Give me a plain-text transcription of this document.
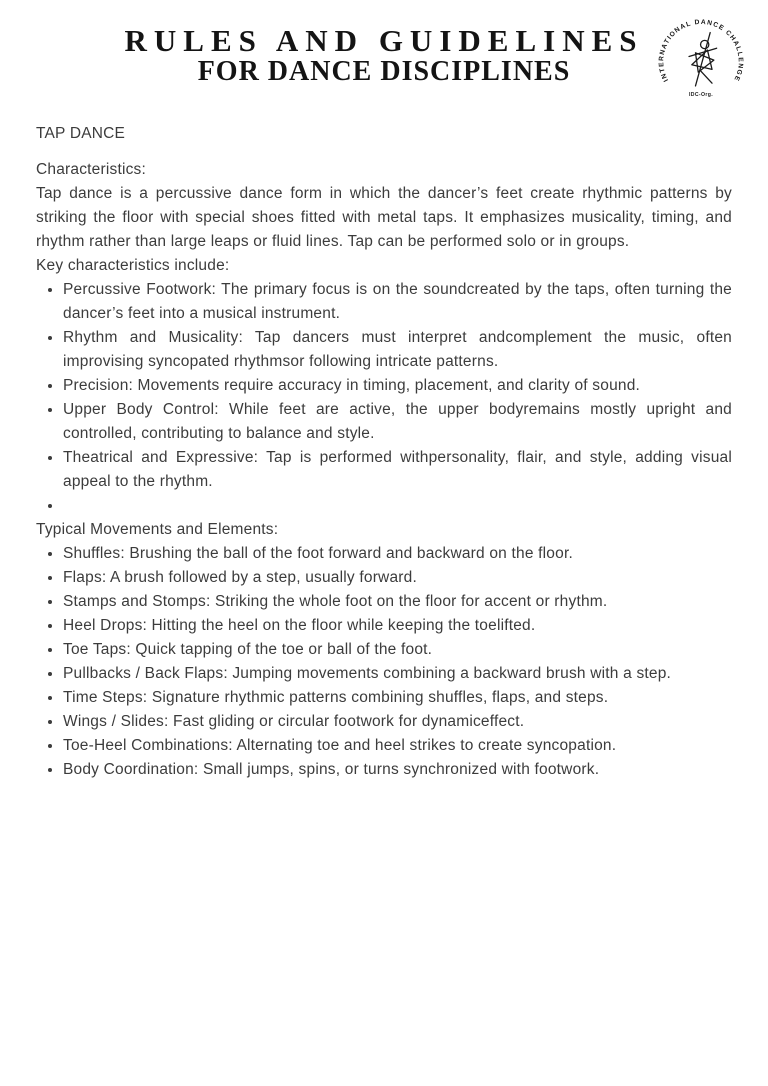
RULES AND GUIDELINES
FOR DANCE DISCIPLINES	INTERNATIONAL DANCE CHALLENGE
IDC-Org.
TAP DANCE
Characteristics:

Tap dance is a percussive dance form in which the dancer’s feet create rhythmic patterns by striking the floor with special shoes fitted with metal taps. It emphasizes musicality, timing, and rhythm rather than large leaps or fluid lines. Tap can be performed solo or in groups.

Key characteristics include:
• Percussive Footwork: The primary focus is on the soundcreated by the taps, often turning the dancer’s feet into a musical instrument.
• Rhythm and Musicality: Tap dancers must interpret andcomplement the music, often improvising syncopated rhythmsor following intricate patterns.
• Precision: Movements require accuracy in timing, placement, and clarity of sound.
• Upper Body Control: While feet are active, the upper bodyremains mostly upright and controlled, contributing to balance and style.
• Theatrical and Expressive: Tap is performed withpersonality, flair, and style, adding visual appeal to the rhythm.
•
Typical Movements and Elements:
• Shuffles: Brushing the ball of the foot forward and backward on the floor.
• Flaps: A brush followed by a step, usually forward.
• Stamps and Stomps: Striking the whole foot on the floor for accent or rhythm.
• Heel Drops: Hitting the heel on the floor while keeping the toelifted.
• Toe Taps: Quick tapping of the toe or ball of the foot.
• Pullbacks / Back Flaps: Jumping movements combining a backward brush with a step.
• Time Steps: Signature rhythmic patterns combining shuffles, flaps, and steps.
• Wings / Slides: Fast gliding or circular footwork for dynamiceffect.
• Toe-Heel Combinations: Alternating toe and heel strikes to create syncopation.
• Body Coordination: Small jumps, spins, or turns synchronized with footwork.
